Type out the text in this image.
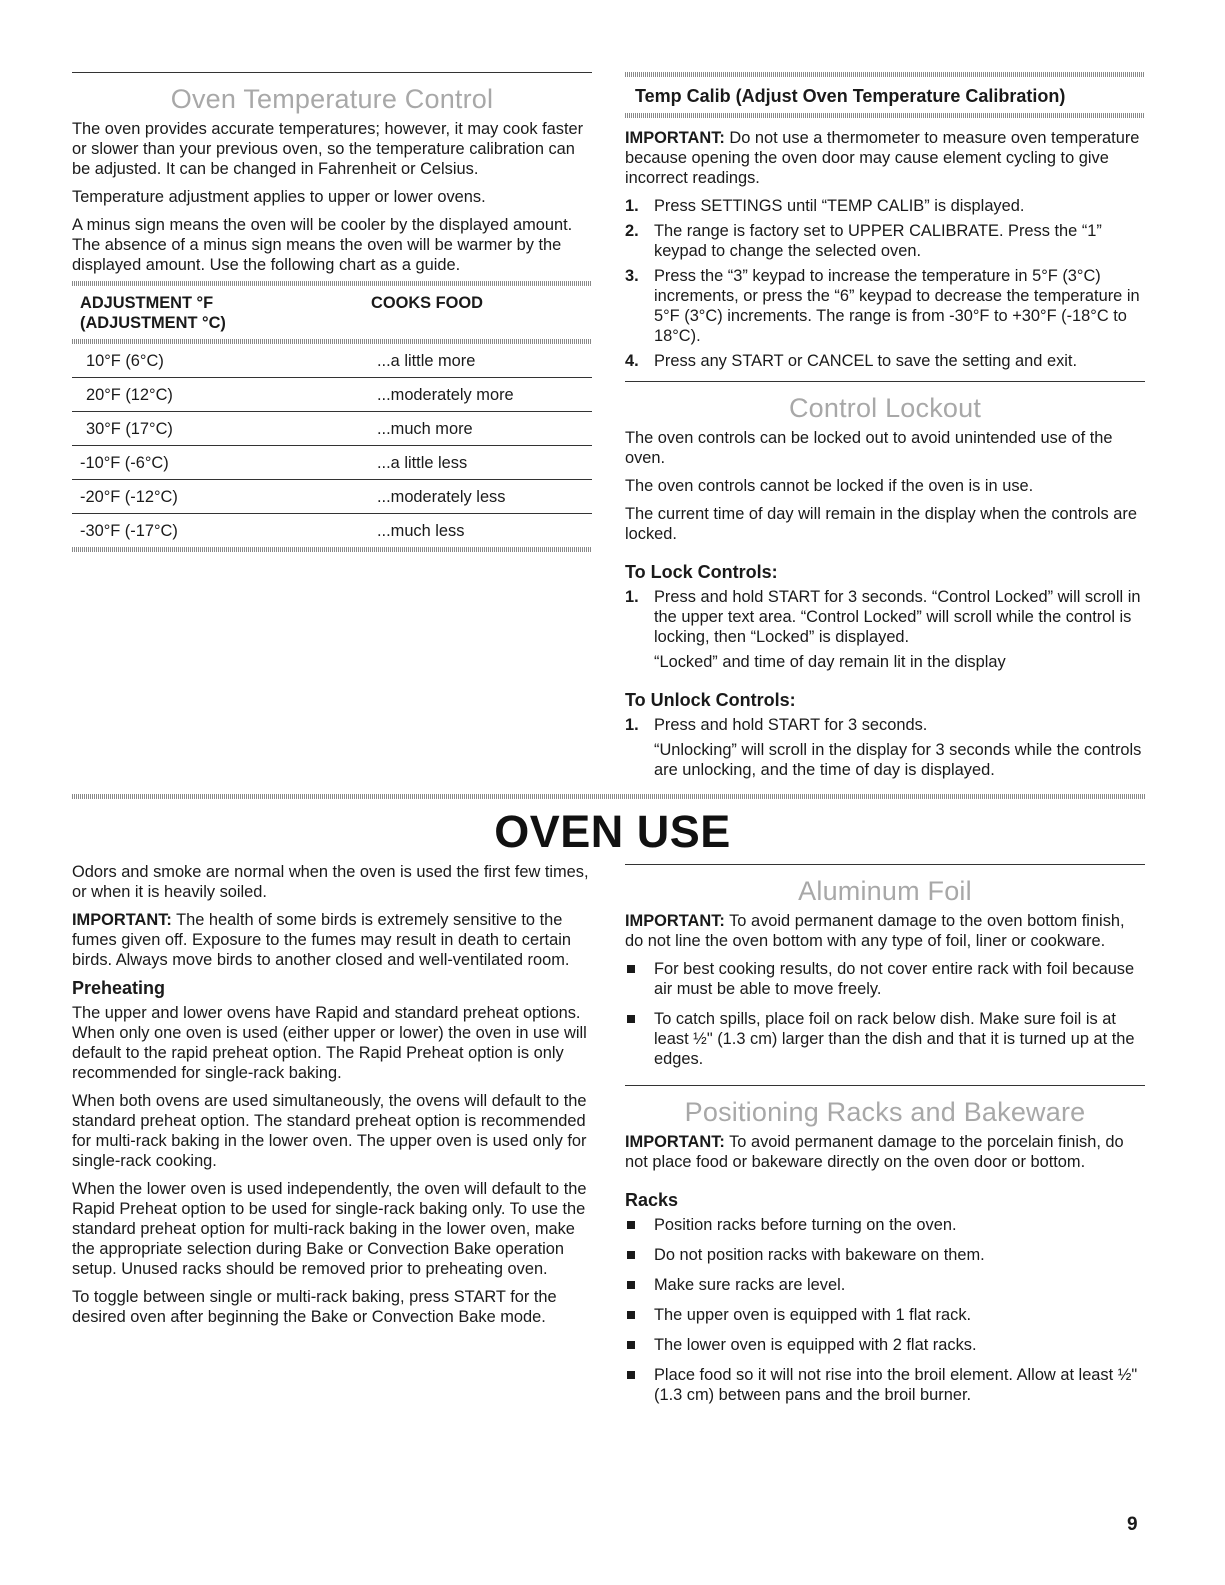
Oven Temperature Control

The oven provides accurate temperatures; however, it may cook faster or slower than your previous oven, so the temperature calibration can be adjusted. It can be changed in Fahrenheit or Celsius.

Temperature adjustment applies to upper or lower ovens.

A minus sign means the oven will be cooler by the displayed amount. The absence of a minus sign means the oven will be warmer by the displayed amount. Use the following chart as a guide.

ADJUSTMENT °F
(ADJUSTMENT °C)
	COOKS FOOD
10°F (6°C)	...a little more
20°F (12°C)	...moderately more
30°F (17°C)	...much more
-10°F (-6°C)	...a little less
-20°F (-12°C)	...moderately less
-30°F (-17°C)	...much less
Temp Calib (Adjust Oven Temperature Calibration)

IMPORTANT: Do not use a thermometer to measure oven temperature because opening the oven door may cause element cycling to give incorrect readings.

1. Press SETTINGS until “TEMP CALIB” is displayed.
2. The range is factory set to UPPER CALIBRATE. Press the “1” keypad to change the selected oven.
3. Press the “3” keypad to increase the temperature in 5°F (3°C) increments, or press the “6” keypad to decrease the temperature in 5°F (3°C) increments. The range is from -30°F to +30°F (-18°C to 18°C).
4. Press any START or CANCEL to save the setting and exit.
Control Lockout

The oven controls can be locked out to avoid unintended use of the oven.

The oven controls cannot be locked if the oven is in use.

The current time of day will remain in the display when the controls are locked.

To Lock Controls:
1. Press and hold START for 3 seconds. “Control Locked” will scroll in the upper text area. “Control Locked” will scroll while the control is locking, then “Locked” is displayed.
“Locked” and time of day remain lit in the display
To Unlock Controls:
1. Press and hold START for 3 seconds.
“Unlocking” will scroll in the display for 3 seconds while the controls are unlocking, and the time of day is displayed.
OVEN USE

Odors and smoke are normal when the oven is used the first few times, or when it is heavily soiled.

IMPORTANT: The health of some birds is extremely sensitive to the fumes given off. Exposure to the fumes may result in death to certain birds. Always move birds to another closed and well-ventilated room.

Preheating

The upper and lower ovens have Rapid and standard preheat options. When only one oven is used (either upper or lower) the oven in use will default to the rapid preheat option. The Rapid Preheat option is only recommended for single-rack baking.

When both ovens are used simultaneously, the ovens will default to the standard preheat option. The standard preheat option is recommended for multi-rack baking in the lower oven. The upper oven is used only for single-rack cooking.

When the lower oven is used independently, the oven will default to the Rapid Preheat option to be used for single-rack baking only. To use the standard preheat option for multi-rack baking in the lower oven, make the appropriate selection during Bake or Convection Bake operation setup. Unused racks should be removed prior to preheating oven.

To toggle between single or multi-rack baking, press START for the desired oven after beginning the Bake or Convection Bake mode.

Aluminum Foil

IMPORTANT: To avoid permanent damage to the oven bottom finish, do not line the oven bottom with any type of foil, liner or cookware.

For best cooking results, do not cover entire rack with foil because air must be able to move freely.
To catch spills, place foil on rack below dish. Make sure foil is at least ½" (1.3 cm) larger than the dish and that it is turned up at the edges.
Positioning Racks and Bakeware

IMPORTANT: To avoid permanent damage to the porcelain finish, do not place food or bakeware directly on the oven door or bottom.

Racks
Position racks before turning on the oven.
Do not position racks with bakeware on them.
Make sure racks are level.
The upper oven is equipped with 1 flat rack.
The lower oven is equipped with 2 flat racks.
Place food so it will not rise into the broil element. Allow at least ½" (1.3 cm) between pans and the broil burner.
9
